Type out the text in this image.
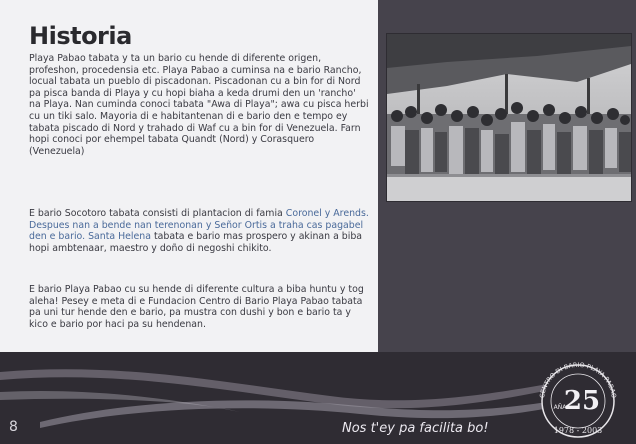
Historia

Playa Pabao tabata y ta un bario cu hende di diferente origen, profeshon, procedensia etc. Playa Pabao a cuminsa na e bario Rancho, locual tabata un pueblo di piscadonan. Piscadonan cu a bin for di Nord pa pisca banda di Playa y cu hopi biaha a keda drumi den un 'rancho' na Playa. Nan cuminda conoci tabata "Awa di Playa"; awa cu pisca herbi cu un tiki salo. Mayoria di e habitantenan di e bario den e tempo ey tabata piscado di Nord y trahado di Waf cu a bin for di Venezuela. Farn hopi conoci por ehempel tabata Quandt (Nord) y Corasquero (Venezuela)

E bario Socotoro tabata consisti di plantacion di famia Coronel y Arends. Despues nan a bende nan terenonan y Señor Ortis a traha cas pagabel den e bario. Santa Helena tabata e bario mas prospero y akinan a biba hopi ambtenaar, maestro y doño di negoshi chikito.

E bario Playa Pabao cu su hende di diferente cultura a biba huntu y tog aleha! Pesey e meta di e Fundacion Centro di Bario Playa Pabao tabata pa uni tur hende den e bario, pa mustra con dushi y bon e bario ta y kico e bario por haci pa su hendenan.

8	Nos t'ey pa facilita bo!
CENTRO DI BARIO PLAYA PABAO
25
AÑA
1978 - 2003
